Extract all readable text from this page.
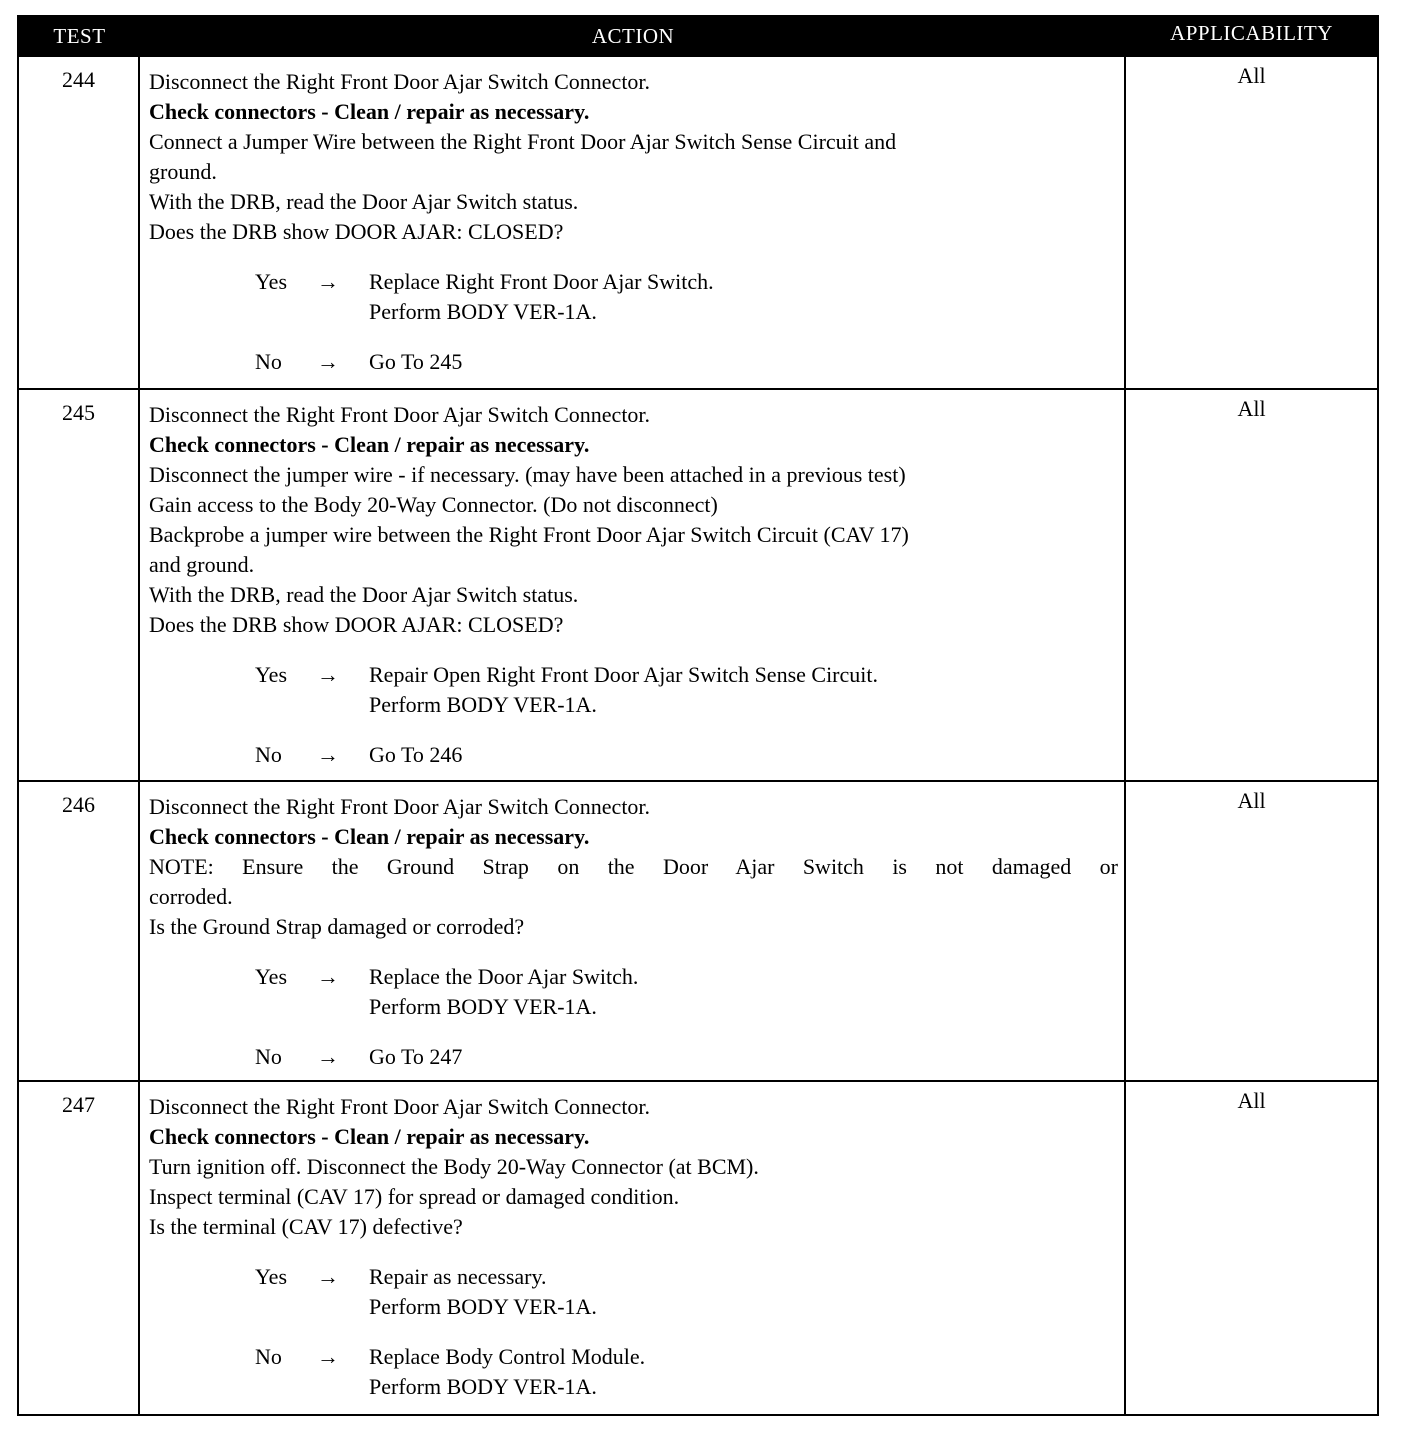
TEST	ACTION	APPLICABILITY
244	Disconnect the Right Front Door Ajar Switch Connector.
Check connectors - Clean / repair as necessary.
Connect a Jumper Wire between the Right Front Door Ajar Switch Sense Circuit and
ground.
With the DRB, read the Door Ajar Switch status.
Does the DRB show DOOR AJAR: CLOSED?
Yes → Replace Right Front Door Ajar Switch.
Perform BODY VER-1A.
No → Go To 245
All
245	Disconnect the Right Front Door Ajar Switch Connector.
Check connectors - Clean / repair as necessary.
Disconnect the jumper wire - if necessary. (may have been attached in a previous test)
Gain access to the Body 20-Way Connector. (Do not disconnect)
Backprobe a jumper wire between the Right Front Door Ajar Switch Circuit (CAV 17)
and ground.
With the DRB, read the Door Ajar Switch status.
Does the DRB show DOOR AJAR: CLOSED?
Yes → Repair Open Right Front Door Ajar Switch Sense Circuit.
Perform BODY VER-1A.
No → Go To 246
All
246	Disconnect the Right Front Door Ajar Switch Connector.
Check connectors - Clean / repair as necessary.
NOTE: Ensure the Ground Strap on the Door Ajar Switch is not damaged or
corroded.
Is the Ground Strap damaged or corroded?
Yes → Replace the Door Ajar Switch.
Perform BODY VER-1A.
No → Go To 247
All
247	Disconnect the Right Front Door Ajar Switch Connector.
Check connectors - Clean / repair as necessary.
Turn ignition off. Disconnect the Body 20-Way Connector (at BCM).
Inspect terminal (CAV 17) for spread or damaged condition.
Is the terminal (CAV 17) defective?
Yes → Repair as necessary.
Perform BODY VER-1A.
No → Replace Body Control Module.
Perform BODY VER-1A.
All
